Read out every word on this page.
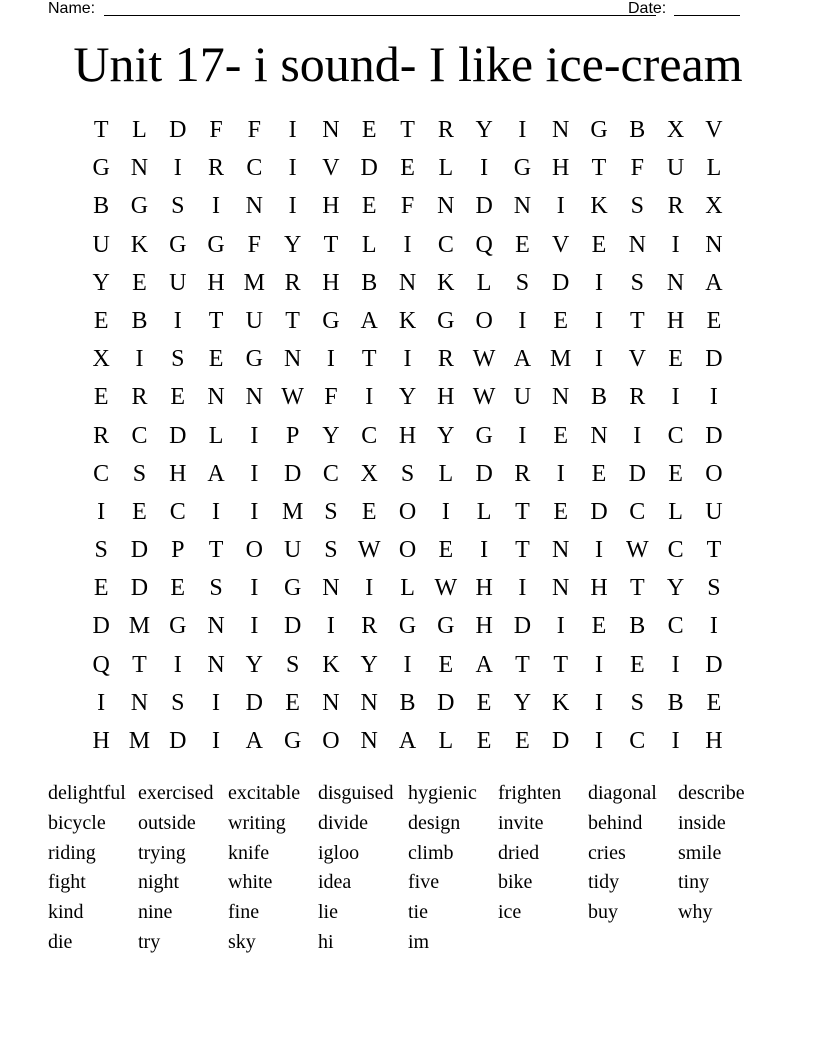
Name:	Date:
Unit 17- i sound- I like ice-cream
T L D F	F	I	N E T R Y	I	N G B X V
G N	I	R C	I	V D E L	I	G H T	F U L
B G S	I	N	I	H E	F N D N	I	K S R X
U K G G F Y T L	I	C Q E V E N	I	N
Y E U H M R H B N K L	S D	I	S N A
E B	I	T U T G A K G O	I	E	I	T H E
X	I	S	E G N	I	T	I	R W A M I	V E D
E R E N N W F	I	Y H W U N B R	I	I
R C D L	I	P Y C H Y G	I	E N	I	C D
C S H A	I	D C X S	L D R	I	E D E O
I	E C	I	I M S	E O	I	L T E D C L U
S D P	T O U S W O E	I	T N	I W C T
E D E	S	I	G N	I	L W H	I	N H T Y S
D M G N	I	D	I	R G G H D	I	E B C	I
Q T	I	N Y S K Y	I	E A T T	I	E	I	D
I	N S	I	D E N N B D E Y K	I	S B E
H M D	I	A G O N A L E E D	I	C	I	H
delightful exercised excitable disguised hygienic	frighten	diagonal	describe
bicycle	outside	writing	divide	design	invite	behind	inside
riding	trying	knife	igloo	climb	dried	cries	smile
fight	night	white	idea	five	bike	tidy	tiny
kind	nine	fine	lie	tie	ice	buy	why
die	try	sky	hi	im
